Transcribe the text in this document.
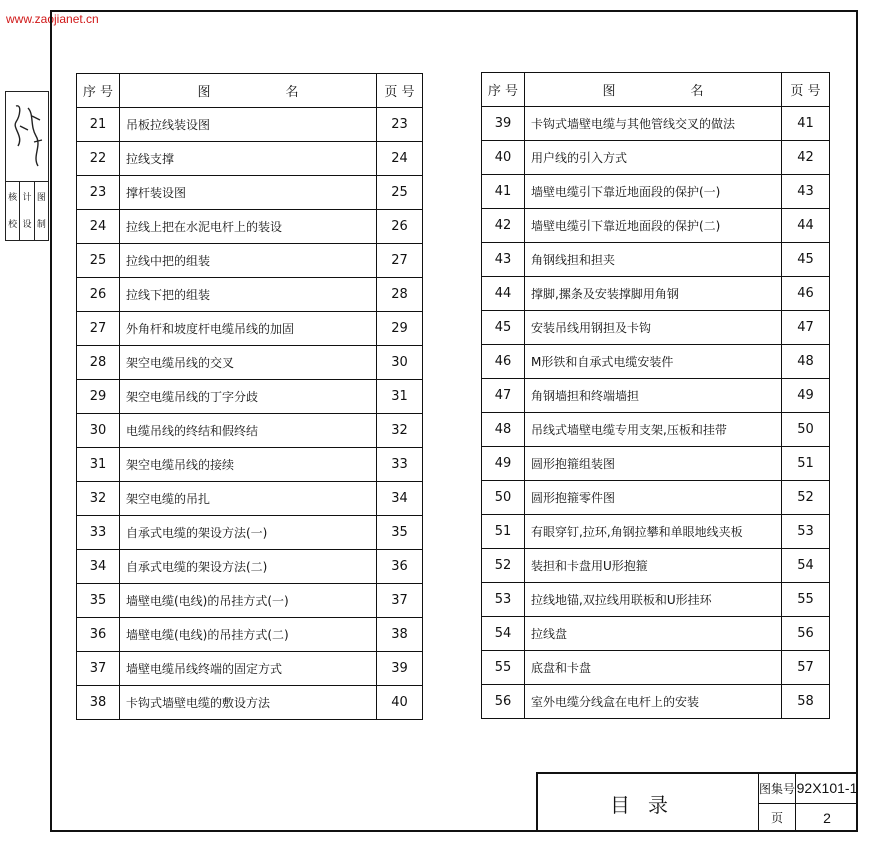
www.zaojianet.cn
核
校
计
设
图
制
序 号	图 名	页 号
21	吊板拉线装设图	23
22	拉线支撑	24
23	撑杆装设图	25
24	拉线上把在水泥电杆上的装设	26
25	拉线中把的组装	27
26	拉线下把的组装	28
27	外角杆和坡度杆电缆吊线的加固	29
28	架空电缆吊线的交叉	30
29	架空电缆吊线的丁字分歧	31
30	电缆吊线的终结和假终结	32
31	架空电缆吊线的接续	33
32	架空电缆的吊扎	34
33	自承式电缆的架设方法(一)	35
34	自承式电缆的架设方法(二)	36
35	墙壁电缆(电线)的吊挂方式(一)	37
36	墙壁电缆(电线)的吊挂方式(二)	38
37	墙壁电缆吊线终端的固定方式	39
38	卡钩式墙壁电缆的敷设方法	40
序 号	图 名	页 号
39	卡钩式墙壁电缆与其他管线交叉的做法	41
40	用户线的引入方式	42
41	墙壁电缆引下靠近地面段的保护(一)	43
42	墙壁电缆引下靠近地面段的保护(二)	44
43	角钢线担和担夹	45
44	撑脚,摞条及安装撑脚用角钢	46
45	安装吊线用钢担及卡钩	47
46	M形铁和自承式电缆安装件	48
47	角钢墙担和终端墙担	49
48	吊线式墙壁电缆专用支架,压板和挂带	50
49	圆形抱箍组装图	51
50	圆形抱箍零件图	52
51	有眼穿钉,拉环,角钢拉攀和单眼地线夹板	53
52	装担和卡盘用U形抱箍	54
53	拉线地锚,双拉线用联板和U形挂环	55
54	拉线盘	56
55	底盘和卡盘	57
56	室外电缆分线盒在电杆上的安装	58
目录
图集号 92X101-1
页	2
